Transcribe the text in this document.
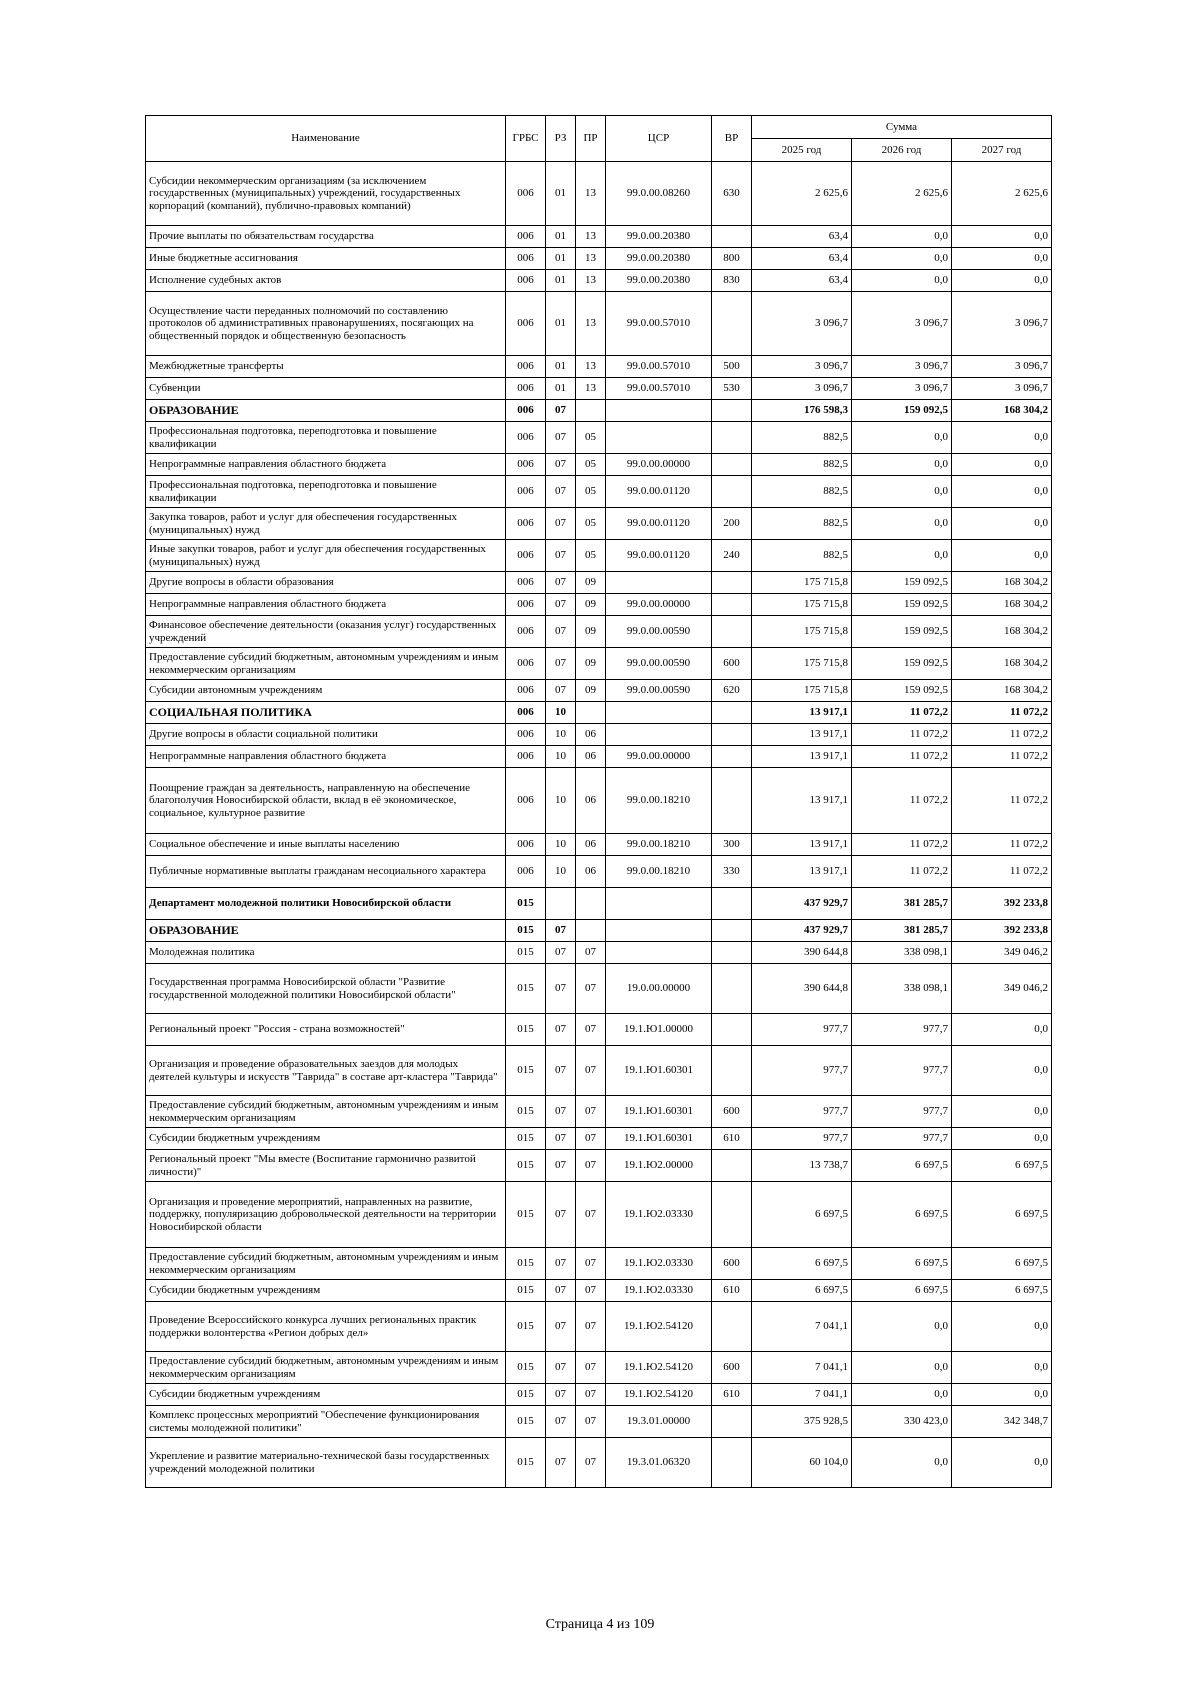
Наименование	ГРБС	РЗ	ПР	ЦСР	ВР	Сумма		
						2025 год	2026 год	2027 год
Субсидии некоммерческим организациям (за исключением государственных (муниципальных) учреждений, государственных корпораций (компаний), публично-правовых компаний)	006	01	13	99.0.00.08260	630	2 625,6	2 625,6	2 625,6
Прочие выплаты по обязательствам государства	006	01	13	99.0.00.20380		63,4	0,0	0,0
Иные бюджетные ассигнования	006	01	13	99.0.00.20380	800	63,4	0,0	0,0
Исполнение судебных актов	006	01	13	99.0.00.20380	830	63,4	0,0	0,0
Осуществление части переданных полномочий по составлению протоколов об административных правонарушениях, посягающих на общественный порядок и общественную безопасность	006	01	13	99.0.00.57010		3 096,7	3 096,7	3 096,7
Межбюджетные трансферты	006	01	13	99.0.00.57010	500	3 096,7	3 096,7	3 096,7
Субвенции	006	01	13	99.0.00.57010	530	3 096,7	3 096,7	3 096,7
ОБРАЗОВАНИЕ	006	07				176 598,3	159 092,5	168 304,2
Профессиональная подготовка, переподготовка и повышение квалификации	006	07	05			882,5	0,0	0,0
Непрограммные направления областного бюджета	006	07	05	99.0.00.00000		882,5	0,0	0,0
Профессиональная подготовка, переподготовка и повышение квалификации	006	07	05	99.0.00.01120		882,5	0,0	0,0
Закупка товаров, работ и услуг для обеспечения государственных (муниципальных) нужд	006	07	05	99.0.00.01120	200	882,5	0,0	0,0
Иные закупки товаров, работ и услуг для обеспечения государственных (муниципальных) нужд	006	07	05	99.0.00.01120	240	882,5	0,0	0,0
Другие вопросы в области образования	006	07	09			175 715,8	159 092,5	168 304,2
Непрограммные направления областного бюджета	006	07	09	99.0.00.00000		175 715,8	159 092,5	168 304,2
Финансовое обеспечение деятельности (оказания услуг) государственных учреждений	006	07	09	99.0.00.00590		175 715,8	159 092,5	168 304,2
Предоставление субсидий бюджетным, автономным учреждениям и иным некоммерческим организациям	006	07	09	99.0.00.00590	600	175 715,8	159 092,5	168 304,2
Субсидии автономным учреждениям	006	07	09	99.0.00.00590	620	175 715,8	159 092,5	168 304,2
СОЦИАЛЬНАЯ ПОЛИТИКА	006	10				13 917,1	11 072,2	11 072,2
Другие вопросы в области социальной политики	006	10	06			13 917,1	11 072,2	11 072,2
Непрограммные направления областного бюджета	006	10	06	99.0.00.00000		13 917,1	11 072,2	11 072,2
Поощрение граждан за деятельность, направленную на обеспечение благополучия Новосибирской области, вклад в её экономическое, социальное, культурное развитие	006	10	06	99.0.00.18210		13 917,1	11 072,2	11 072,2
Социальное обеспечение и иные выплаты населению	006	10	06	99.0.00.18210	300	13 917,1	11 072,2	11 072,2
Публичные нормативные выплаты гражданам несоциального характера	006	10	06	99.0.00.18210	330	13 917,1	11 072,2	11 072,2
Департамент молодежной политики Новосибирской области	015					437 929,7	381 285,7	392 233,8
ОБРАЗОВАНИЕ	015	07				437 929,7	381 285,7	392 233,8
Молодежная политика	015	07	07			390 644,8	338 098,1	349 046,2
Государственная программа Новосибирской области "Развитие государственной молодежной политики Новосибирской области"	015	07	07	19.0.00.00000		390 644,8	338 098,1	349 046,2
Региональный проект "Россия - страна возможностей"	015	07	07	19.1.Ю1.00000		977,7	977,7	0,0
Организация и проведение образовательных заездов для молодых деятелей культуры и искусств "Таврида" в составе арт-кластера "Таврида"	015	07	07	19.1.Ю1.60301		977,7	977,7	0,0
Предоставление субсидий бюджетным, автономным учреждениям и иным некоммерческим организациям	015	07	07	19.1.Ю1.60301	600	977,7	977,7	0,0
Субсидии бюджетным учреждениям	015	07	07	19.1.Ю1.60301	610	977,7	977,7	0,0
Региональный проект "Мы вместе (Воспитание гармонично развитой личности)"	015	07	07	19.1.Ю2.00000		13 738,7	6 697,5	6 697,5
Организация и проведение мероприятий, направленных на развитие, поддержку, популяризацию добровольческой деятельности на территории Новосибирской области	015	07	07	19.1.Ю2.03330		6 697,5	6 697,5	6 697,5
Предоставление субсидий бюджетным, автономным учреждениям и иным некоммерческим организациям	015	07	07	19.1.Ю2.03330	600	6 697,5	6 697,5	6 697,5
Субсидии бюджетным учреждениям	015	07	07	19.1.Ю2.03330	610	6 697,5	6 697,5	6 697,5
Проведение Всероссийского конкурса лучших региональных практик поддержки волонтерства «Регион добрых дел»	015	07	07	19.1.Ю2.54120		7 041,1	0,0	0,0
Предоставление субсидий бюджетным, автономным учреждениям и иным некоммерческим организациям	015	07	07	19.1.Ю2.54120	600	7 041,1	0,0	0,0
Субсидии бюджетным учреждениям	015	07	07	19.1.Ю2.54120	610	7 041,1	0,0	0,0
Комплекс процессных мероприятий "Обеспечение функционирования системы молодежной политики"	015	07	07	19.3.01.00000		375 928,5	330 423,0	342 348,7
Укрепление и развитие материально-технической базы государственных учреждений молодежной политики	015	07	07	19.3.01.06320		60 104,0	0,0	0,0
Страница 4 из 109
